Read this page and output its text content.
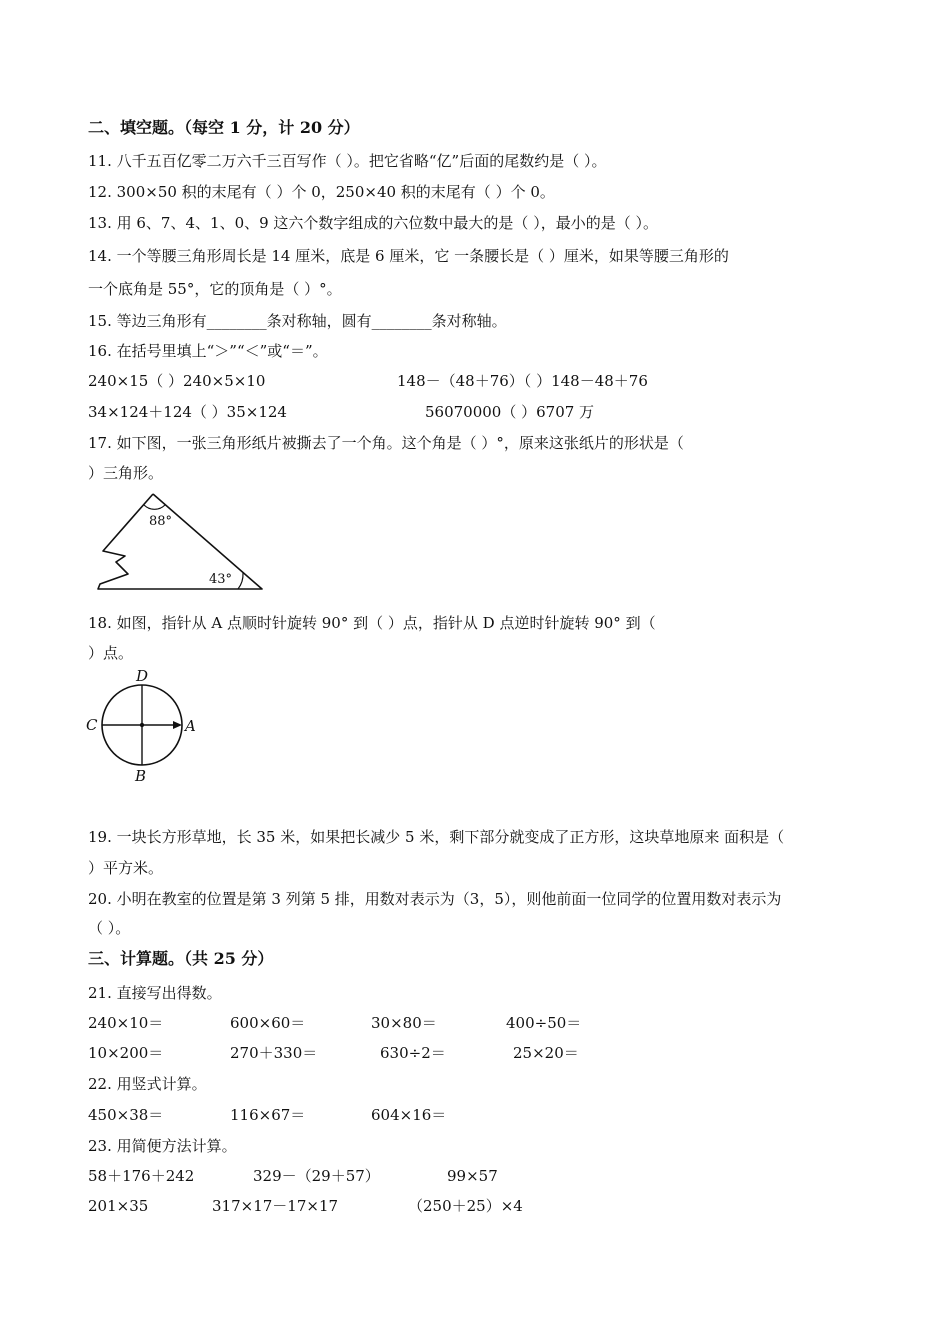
二、填空题。（每空 1 分，计 20 分）
11. 八千五百亿零二万六千三百写作（ ）。把它省略“亿”后面的尾数约是（ ）。
12. 300×50 积的末尾有（ ）个 0，250×40 积的末尾有（ ）个 0。
13. 用 6、7、4、1、0、9 这六个数字组成的六位数中最大的是（ ），最小的是（ ）。
14. 一个等腰三角形周长是 14 厘米，底是 6 厘米，它 一条腰长是（ ）厘米，如果等腰三角形的
一个底角是 55°，它的顶角是（ ）°。
15. 等边三角形有________条对称轴，圆有________条对称轴。
16. 在括号里填上“＞”“＜”或“＝”。
240×15（ ）240×5×10	148－（48＋76）（ ）148－48＋76
34×124＋124（ ）35×124	56070000（ ）6707 万
17. 如下图，一张三角形纸片被撕去了一个角。这个角是（ ）°，原来这张纸片的形状是（
）三角形。
88°
43°
18. 如图，指针从 A 点顺时针旋转 90° 到（ ）点，指针从 D 点逆时针旋转 90° 到（
）点。
D
C	A
B
19. 一块长方形草地，长 35 米，如果把长减少 5 米，剩下部分就变成了正方形，这块草地原来 面积是（
）平方米。
20. 小明在教室的位置是第 3 列第 5 排，用数对表示为（3，5），则他前面一位同学的位置用数对表示为
（ ）。
三、计算题。（共 25 分）
21. 直接写出得数。
240×10＝	600×60＝	30×80＝	400÷50＝
10×200＝	270＋330＝	630÷2＝	25×20＝
22. 用竖式计算。
450×38＝	116×67＝	604×16＝
23. 用简便方法计算。
58＋176＋242	329－（29＋57）	99×57
201×35	317×17－17×17	（250＋25）×4
